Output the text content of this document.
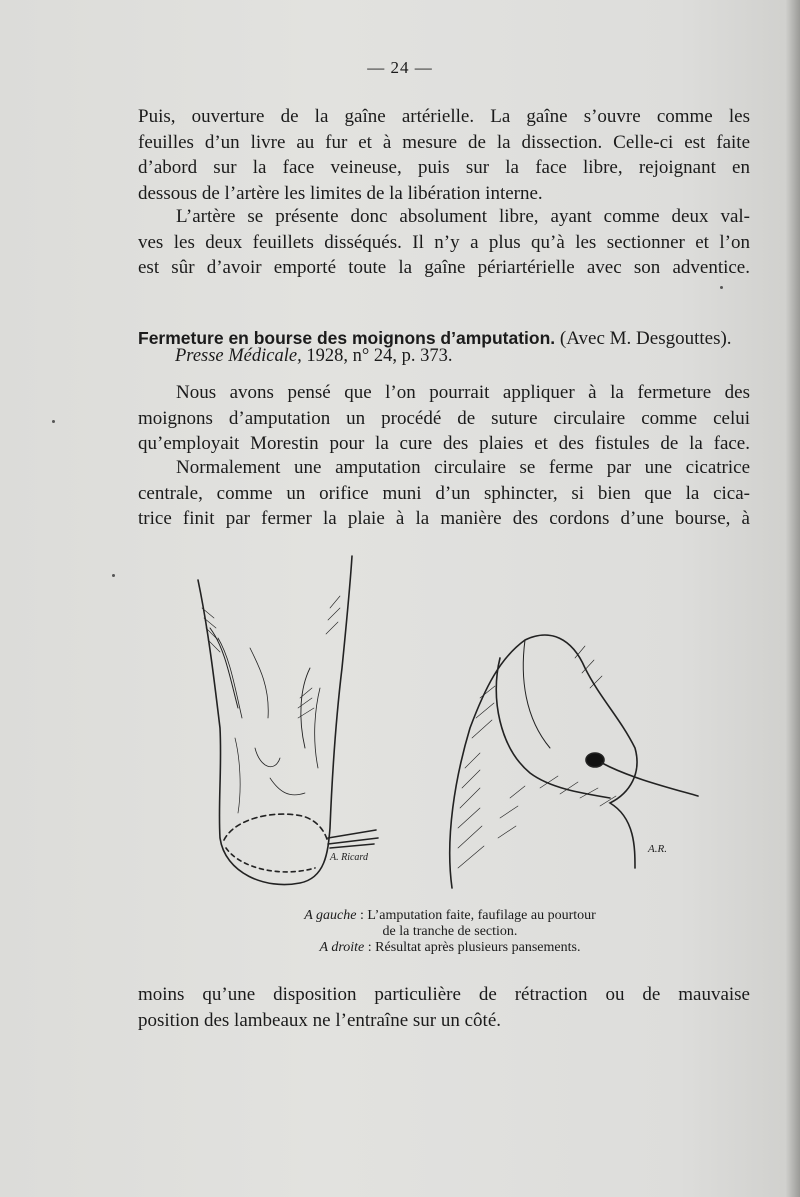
— 24 —

Puis, ouverture de la gaîne artérielle. La gaîne s’ouvre comme les
feuilles d’un livre au fur et à mesure de la dissection. Celle-ci est faite
d’abord sur la face veineuse, puis sur la face libre, rejoignant en
dessous de l’artère les limites de la libération interne.

L’artère se présente donc absolument libre, ayant comme deux val-
ves les deux feuillets disséqués. Il n’y a plus qu’à les sectionner et l’on
est sûr d’avoir emporté toute la gaîne périartérielle avec son adventice.

Fermeture en bourse des moignons d’amputation. (Avec M. Desgouttes).
Presse Médicale, 1928, n° 24, p. 373.

Nous avons pensé que l’on pourrait appliquer à la fermeture des
moignons d’amputation un procédé de suture circulaire comme celui
qu’employait Morestin pour la cure des plaies et des fistules de la face.

Normalement une amputation circulaire se ferme par une cicatrice
centrale, comme un orifice muni d’un sphincter, si bien que la cica-
trice finit par fermer la plaie à la manière des cordons d’une bourse, à

A. Ricard
A.R.
A gauche : L’amputation faite, faufilage au pourtour
de la tranche de section.
A droite : Résultat après plusieurs pansements.

moins qu’une disposition particulière de rétraction ou de mauvaise
position des lambeaux ne l’entraîne sur un côté.
